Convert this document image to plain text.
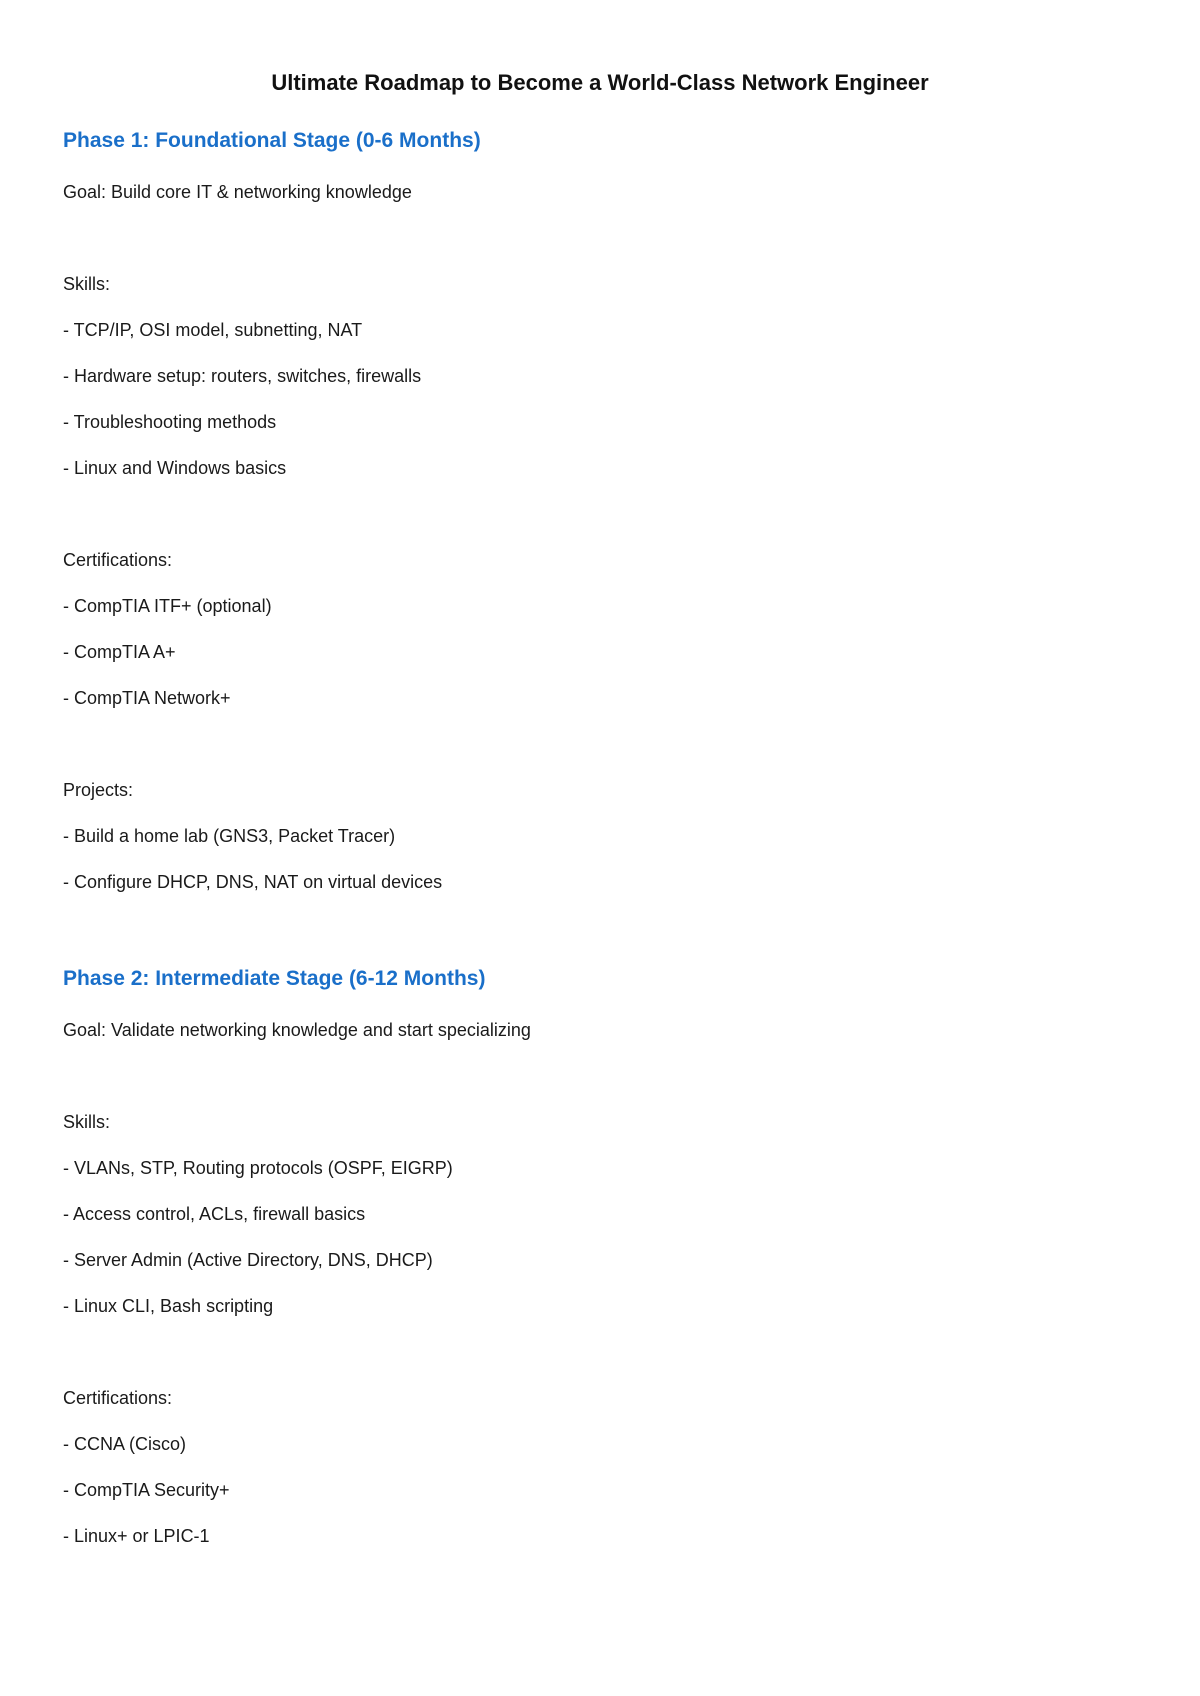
Ultimate Roadmap to Become a World-Class Network Engineer
Phase 1: Foundational Stage (0-6 Months)

Goal: Build core IT & networking knowledge

Skills:

- TCP/IP, OSI model, subnetting, NAT

- Hardware setup: routers, switches, firewalls

- Troubleshooting methods

- Linux and Windows basics

Certifications:

- CompTIA ITF+ (optional)

- CompTIA A+

- CompTIA Network+

Projects:

- Build a home lab (GNS3, Packet Tracer)

- Configure DHCP, DNS, NAT on virtual devices

Phase 2: Intermediate Stage (6-12 Months)

Goal: Validate networking knowledge and start specializing

Skills:

- VLANs, STP, Routing protocols (OSPF, EIGRP)

- Access control, ACLs, firewall basics

- Server Admin (Active Directory, DNS, DHCP)

- Linux CLI, Bash scripting

Certifications:

- CCNA (Cisco)

- CompTIA Security+

- Linux+ or LPIC-1
